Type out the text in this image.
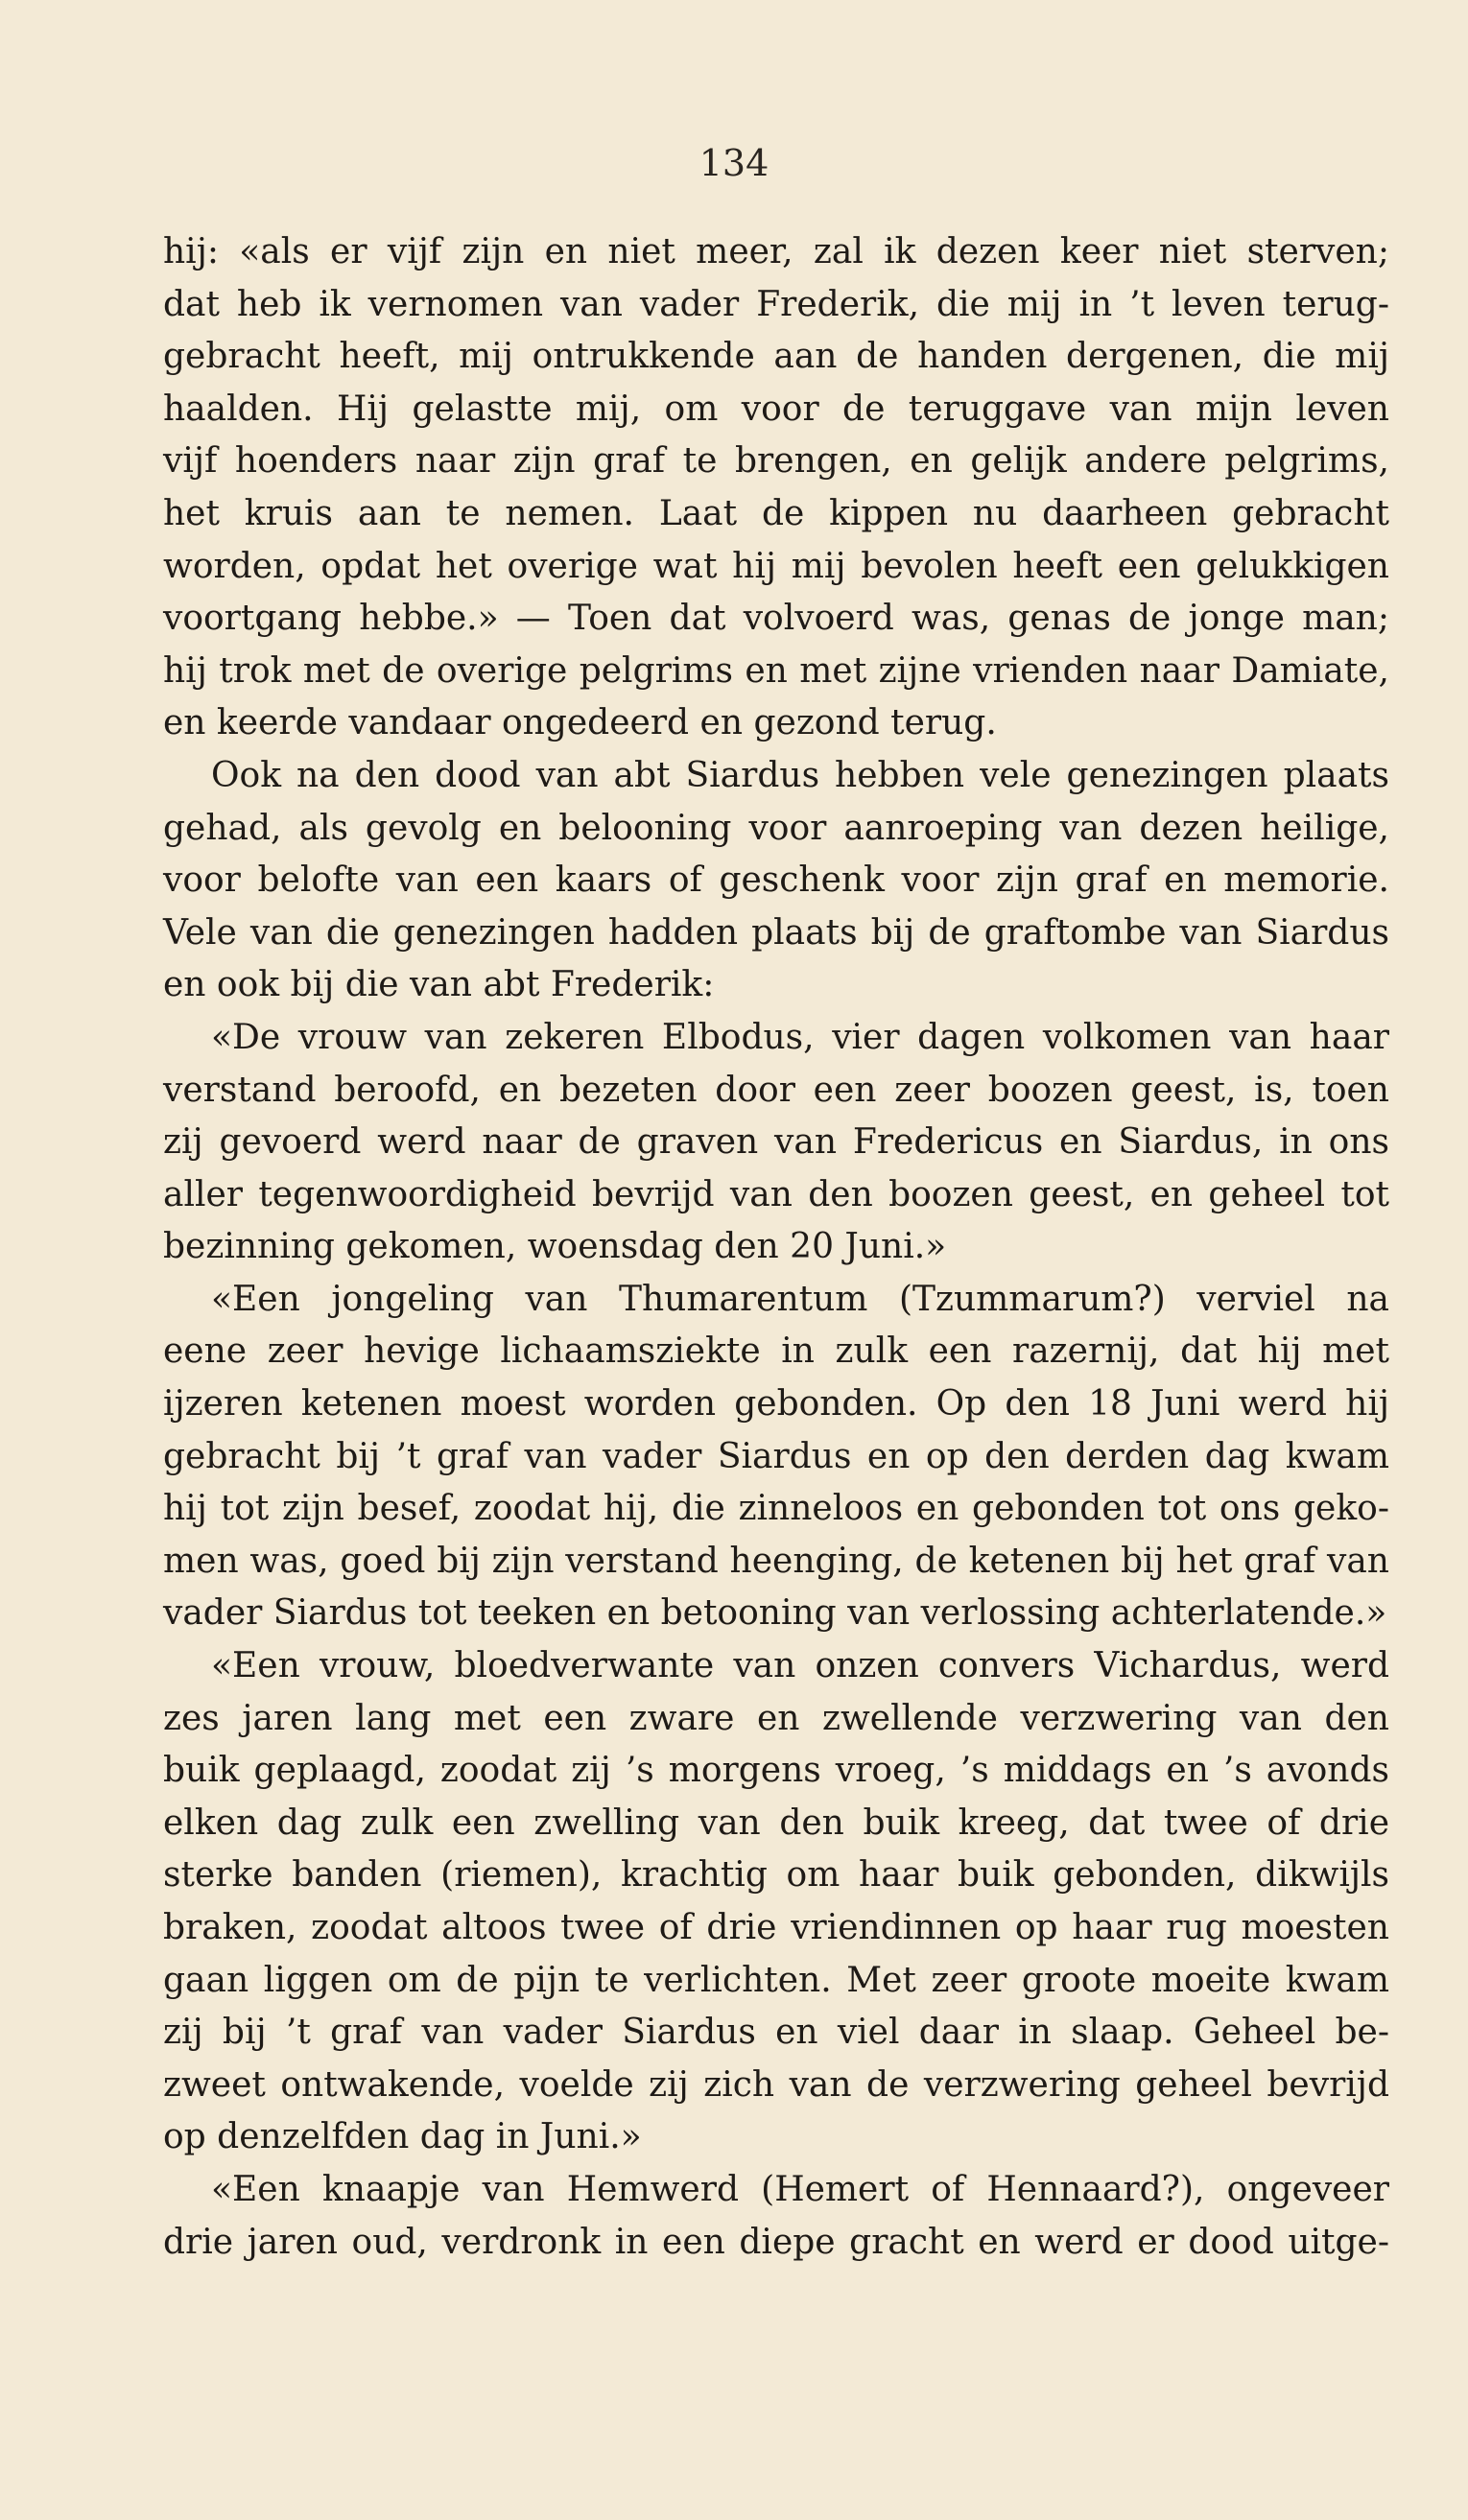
134
hij: «als er vijf zijn en niet meer, zal ik dezen keer niet sterven;
dat heb ik vernomen van vader Frederik, die mij in ’t leven terug-
gebracht heeft, mij ontrukkende aan de handen dergenen, die mij
haalden. Hij gelastte mij, om voor de teruggave van mijn leven
vijf hoenders naar zijn graf te brengen, en gelijk andere pelgrims,
het kruis aan te nemen. Laat de kippen nu daarheen gebracht
worden, opdat het overige wat hij mij bevolen heeft een gelukkigen
voortgang hebbe.» — Toen dat volvoerd was, genas de jonge man;
hij trok met de overige pelgrims en met zijne vrienden naar Damiate,
en keerde vandaar ongedeerd en gezond terug.
Ook na den dood van abt Siardus hebben vele genezingen plaats
gehad, als gevolg en belooning voor aanroeping van dezen heilige,
voor belofte van een kaars of geschenk voor zijn graf en memorie.
Vele van die genezingen hadden plaats bij de graftombe van Siardus
en ook bij die van abt Frederik:
«De vrouw van zekeren Elbodus, vier dagen volkomen van haar
verstand beroofd, en bezeten door een zeer boozen geest, is, toen
zij gevoerd werd naar de graven van Fredericus en Siardus, in ons
aller tegenwoordigheid bevrijd van den boozen geest, en geheel tot
bezinning gekomen, woensdag den 20 Juni.»
«Een jongeling van Thumarentum (Tzummarum?) verviel na
eene zeer hevige lichaamsziekte in zulk een razernij, dat hij met
ijzeren ketenen moest worden gebonden. Op den 18 Juni werd hij
gebracht bij ’t graf van vader Siardus en op den derden dag kwam
hij tot zijn besef, zoodat hij, die zinneloos en gebonden tot ons geko-
men was, goed bij zijn verstand heenging, de ketenen bij het graf van
vader Siardus tot teeken en betooning van verlossing achterlatende.»
«Een vrouw, bloedverwante van onzen convers Vichardus, werd
zes jaren lang met een zware en zwellende verzwering van den
buik geplaagd, zoodat zij ’s morgens vroeg, ’s middags en ’s avonds
elken dag zulk een zwelling van den buik kreeg, dat twee of drie
sterke banden (riemen), krachtig om haar buik gebonden, dikwijls
braken, zoodat altoos twee of drie vriendinnen op haar rug moesten
gaan liggen om de pijn te verlichten. Met zeer groote moeite kwam
zij bij ’t graf van vader Siardus en viel daar in slaap. Geheel be-
zweet ontwakende, voelde zij zich van de verzwering geheel bevrijd
op denzelfden dag in Juni.»
«Een knaapje van Hemwerd (Hemert of Hennaard?), ongeveer
drie jaren oud, verdronk in een diepe gracht en werd er dood uitge-
